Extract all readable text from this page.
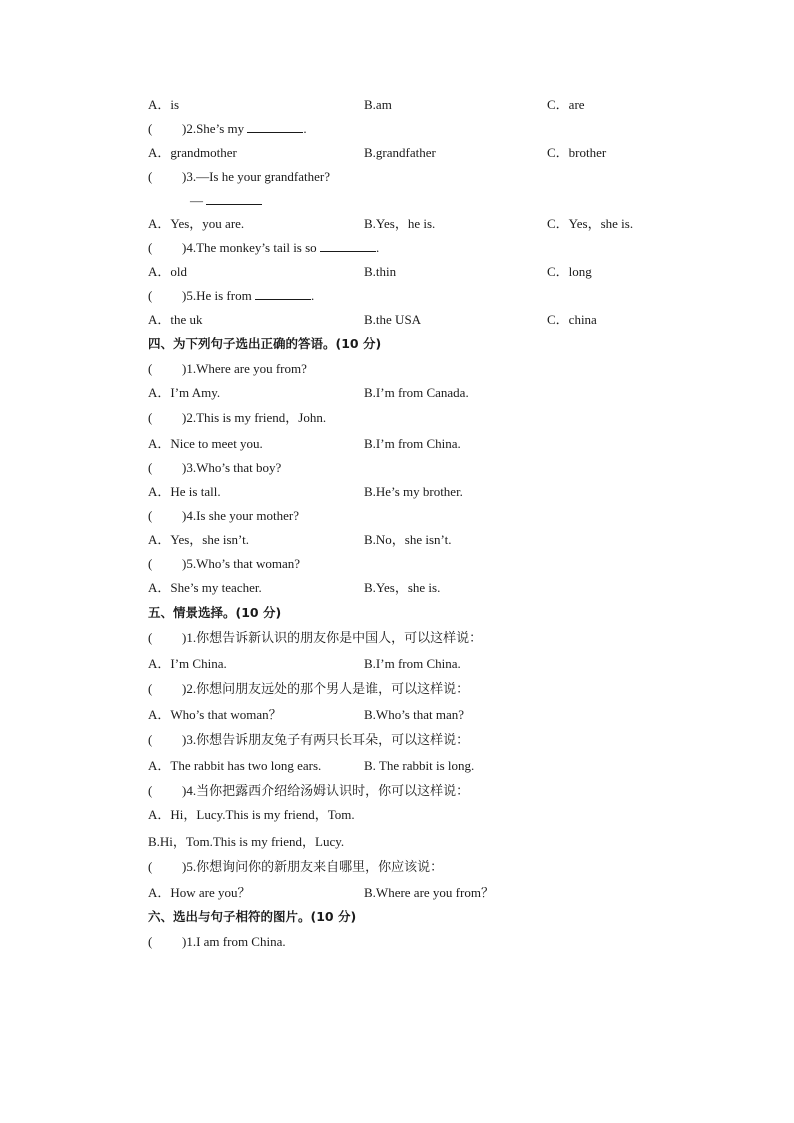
A．is	B.am	C．are
( )2.She’s my	.
A．grandmother	B.grandfather	C．brother
( )3.—Is he your grandfather?
—
A．Yes，you are.	B.Yes，he is.	C．Yes，she is.
( )4.The monkey’s tail is so	.
A．old	B.thin	C．long
( )5.He is from	.
A．the uk	B.the USA	C．china
四、为下列句子选出正确的答语。(10 分)
( )1.Where are you from?
A．I’m Amy.	B.I’m from Canada.
( )2.This is my friend，John.
A．Nice to meet you.	B.I’m from China.
( )3.Who’s that boy?
A．He is tall.	B.He’s my brother.
( )4.Is she your mother?
A．Yes，she isn’t.	B.No，she isn’t.
( )5.Who’s that woman?
A．She’s my teacher.	B.Yes，she is.
五、情景选择。(10 分)
( )1.你想告诉新认识的朋友你是中国人，可以这样说：
A．I’m China.	B.I’m from China.
( )2.你想问朋友远处的那个男人是谁，可以这样说：
A．Who’s that woman？	B.Who’s that man?
( )3.你想告诉朋友兔子有两只长耳朵，可以这样说：
A．The rabbit has two long ears.	B. The rabbit is long.
( )4.当你把露西介绍给汤姆认识时，你可以这样说：
A．Hi，Lucy.This is my friend，Tom.
B.Hi，Tom.This is my friend，Lucy.
( )5.你想询问你的新朋友来自哪里，你应该说：
A．How are you？	B.Where are you from？
六、选出与句子相符的图片。(10 分)
( )1.I am from China.
